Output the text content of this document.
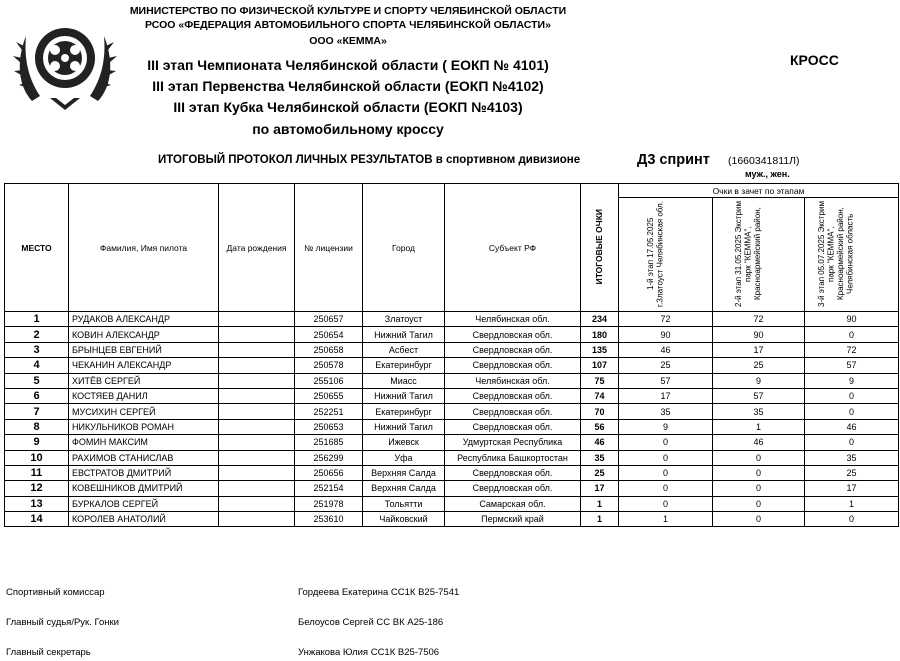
МИНИСТЕРСТВО ПО ФИЗИЧЕСКОЙ КУЛЬТУРЕ И СПОРТУ ЧЕЛЯБИНСКОЙ ОБЛАСТИ
РСОО «ФЕДЕРАЦИЯ АВТОМОБИЛЬНОГО СПОРТА ЧЕЛЯБИНСКОЙ ОБЛАСТИ»
ООО «КЕММА»
III этап Чемпионата Челябинской области ( ЕОКП № 4101)
III этап Первенства Челябинской области (ЕОКП №4102)
III этап Кубка Челябинской области (ЕОКП №4103)
по автомобильному кроссу
КРОСС
ИТОГОВЫЙ ПРОТОКОЛ ЛИЧНЫХ РЕЗУЛЬТАТОВ в спортивном дивизионе	Д3 спринт (1660341811Л)
муж., жен.
МЕСТО	Фамилия, Имя пилота	Дата рождения	№ лицензии	Город	Субъект РФ	ИТОГОВЫЕ ОЧКИ	Очки в зачет по этапам		
							1-й этап 17.05.2025 г.Златоуст Челябинская обл.	2-й этап 31.05.2025 Экстрим парк "КЕММА", Красноармейский район,	3-й этап 05.07.2025 Экстрим парк "КЕММА", Красноармейский район, Челябинская область
1	РУДАКОВ АЛЕКСАНДР		250657	Златоуст	Челябинская обл.	234	72	72	90
2	КОВИН АЛЕКСАНДР		250654	Нижний Тагил	Свердловская обл.	180	90	90	0
3	БРЫНЦЕВ ЕВГЕНИЙ		250658	Асбест	Свердловская обл.	135	46	17	72
4	ЧЕКАНИН АЛЕКСАНДР		250578	Екатеринбург	Свердловская обл.	107	25	25	57
5	ХИТЁВ СЕРГЕЙ		255106	Миасс	Челябинская обл.	75	57	9	9
6	КОСТЯЕВ ДАНИЛ		250655	Нижний Тагил	Свердловская обл.	74	17	57	0
7	МУСИХИН СЕРГЕЙ		252251	Екатеринбург	Свердловская обл.	70	35	35	0
8	НИКУЛЬНИКОВ РОМАН		250653	Нижний Тагил	Свердловская обл.	56	9	1	46
9	ФОМИН МАКСИМ		251685	Ижевск	Удмуртская Республика	46	0	46	0
10	РАХИМОВ СТАНИСЛАВ		256299	Уфа	Республика Башкортостан	35	0	0	35
11	ЕВСТРАТОВ ДМИТРИЙ		250656	Верхняя Салда	Свердловская обл.	25	0	0	25
12	КОВЕШНИКОВ ДМИТРИЙ		252154	Верхняя Салда	Свердловская обл.	17	0	0	17
13	БУРКАЛОВ СЕРГЕЙ		251978	Тольятти	Самарская обл.	1	0	0	1
14	КОРОЛЕВ АНАТОЛИЙ		253610	Чайковский	Пермский край	1	1	0	0
Спортивный комиссар	Гордеева Екатерина СС1К В25-7541
Главный судья/Рук. Гонки	Белоусов Сергей СС ВК А25-186
Главный секретарь	Унжакова Юлия СС1К В25-7506
